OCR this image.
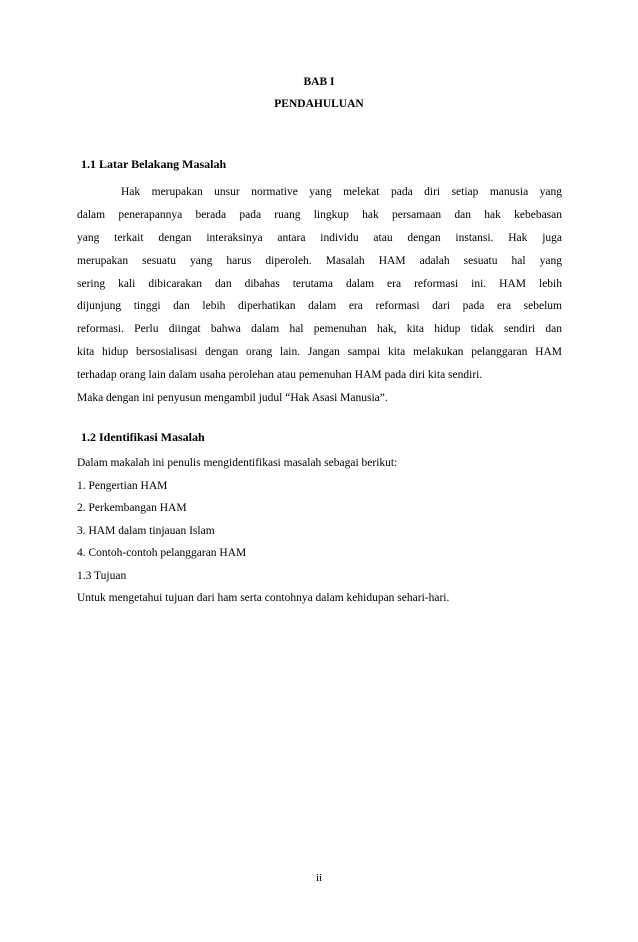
BAB I
PENDAHULUAN
1.1 Latar Belakang Masalah
Hak merupakan unsur normative yang melekat pada diri setiap manusia yang
dalam penerapannya berada pada ruang lingkup hak persamaan dan hak kebebasan
yang terkait dengan interaksinya antara individu atau dengan instansi. Hak juga
merupakan sesuatu yang harus diperoleh. Masalah HAM adalah sesuatu hal yang
sering kali dibicarakan dan dibahas terutama dalam era reformasi ini. HAM lebih
dijunjung tinggi dan lebih diperhatikan dalam era reformasi dari pada era sebelum
reformasi. Perlu diingat bahwa dalam hal pemenuhan hak, kita hidup tidak sendiri dan
kita hidup bersosialisasi dengan orang lain. Jangan sampai kita melakukan pelanggaran HAM
terhadap orang lain dalam usaha perolehan atau pemenuhan HAM pada diri kita sendiri.
Maka dengan ini penyusun mengambil judul “Hak Asasi Manusia”.
1.2 Identifikasi Masalah
Dalam makalah ini penulis mengidentifikasi masalah sebagai berikut:
1. Pengertian HAM
2. Perkembangan HAM
3. HAM dalam tinjauan Islam
4. Contoh-contoh pelanggaran HAM
1.3 Tujuan
Untuk mengetahui tujuan dari ham serta contohnya dalam kehidupan sehari-hari.
ii
